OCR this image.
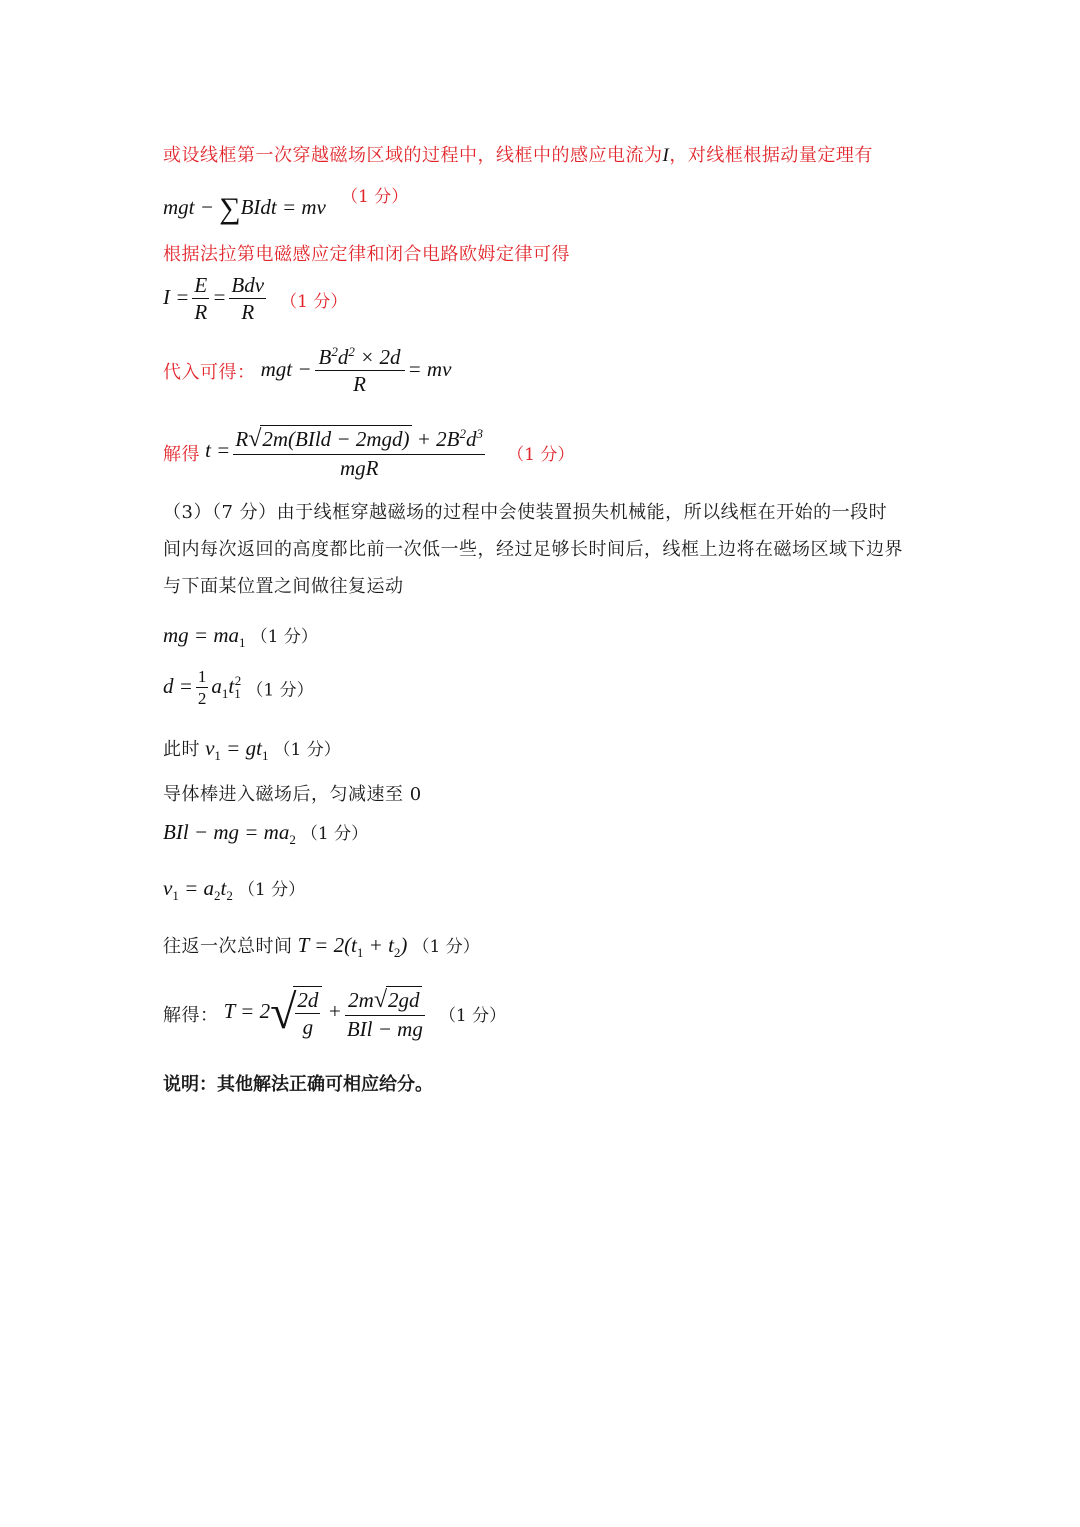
或设线框第一次穿越磁场区域的过程中，线框中的感应电流为I，对线框根据动量定理有
mgt − ∑BIdt = mv （1 分）
根据法拉第电磁感应定律和闭合电路欧姆定律可得
$I = \frac{E}{R} = \frac{\text{Bdv}}{R} (1$ 分）
代入可得： mgt − $\frac{B^2d^2 \times 2d}{R}$ = mv
解得 $t = \frac{R√2m(BIld - 2mgd) + 2B^2d^3}{\text{mgR}} (1$ 分）
（3）（7 分）由于线框穿越磁场的过程中会使装置损失机械能，所以线框在开始的一段时
间内每次返回的高度都比前一次低一些，经过足够长时间后，线框上边将在磁场区域下边界
与下面某位置之间做往复运动
mg = $ma_1$ （1 分）
$d = \frac{1}{2} a_1t_1^2$ （1 分）
此时 $v_1 = gt_1$ （1 分）
导体棒进入磁场后，匀减速至 0
BIl − mg = $ma_2$ （1 分）
$v_1 = a_2t_2$ （1 分）
往返一次总时间 $T = 2(t_1 + t_2)$ （1 分）
解得： $T = 2√ \frac{2d}{g} + \frac{2m√2gd}{\text{BIl − mg}} (1$ 分）
说明：其他解法正确可相应给分。
